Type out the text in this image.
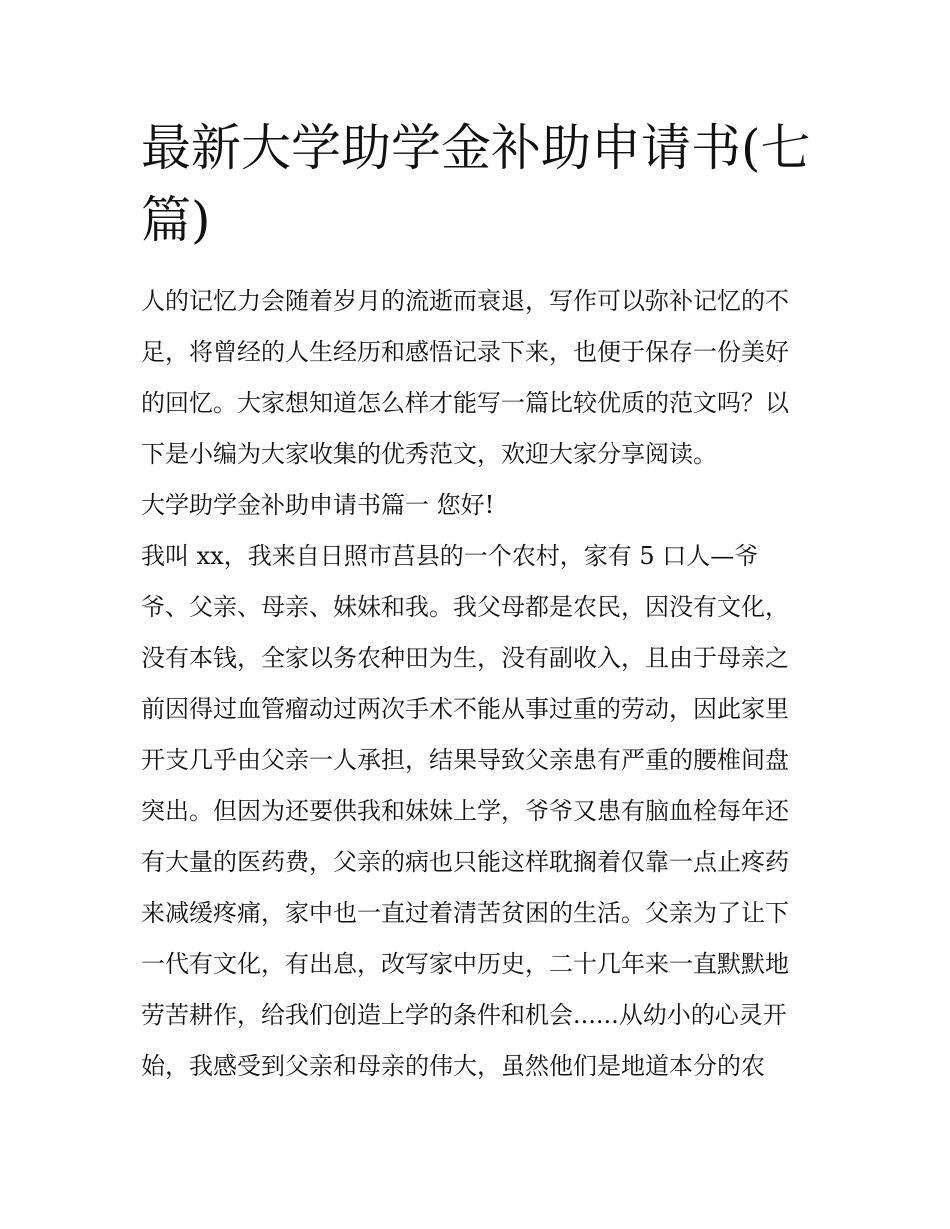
最新大学助学金补助申请书(七
篇)
人的记忆力会随着岁月的流逝而衰退，写作可以弥补记忆的不
足，将曾经的人生经历和感悟记录下来，也便于保存一份美好
的回忆。大家想知道怎么样才能写一篇比较优质的范文吗？以
下是小编为大家收集的优秀范文，欢迎大家分享阅读。
大学助学金补助申请书篇一 您好!
我叫 xx，我来自日照市莒县的一个农村，家有 5 口人—爷
爷、父亲、母亲、妹妹和我。我父母都是农民，因没有文化，
没有本钱，全家以务农种田为生，没有副收入，且由于母亲之
前因得过血管瘤动过两次手术不能从事过重的劳动，因此家里
开支几乎由父亲一人承担，结果导致父亲患有严重的腰椎间盘
突出。但因为还要供我和妹妹上学，爷爷又患有脑血栓每年还
有大量的医药费，父亲的病也只能这样耽搁着仅靠一点止疼药
来减缓疼痛，家中也一直过着清苦贫困的生活。父亲为了让下
一代有文化，有出息，改写家中历史，二十几年来一直默默地
劳苦耕作，给我们创造上学的条件和机会......从幼小的心灵开
始，我感受到父亲和母亲的伟大，虽然他们是地道本分的农
